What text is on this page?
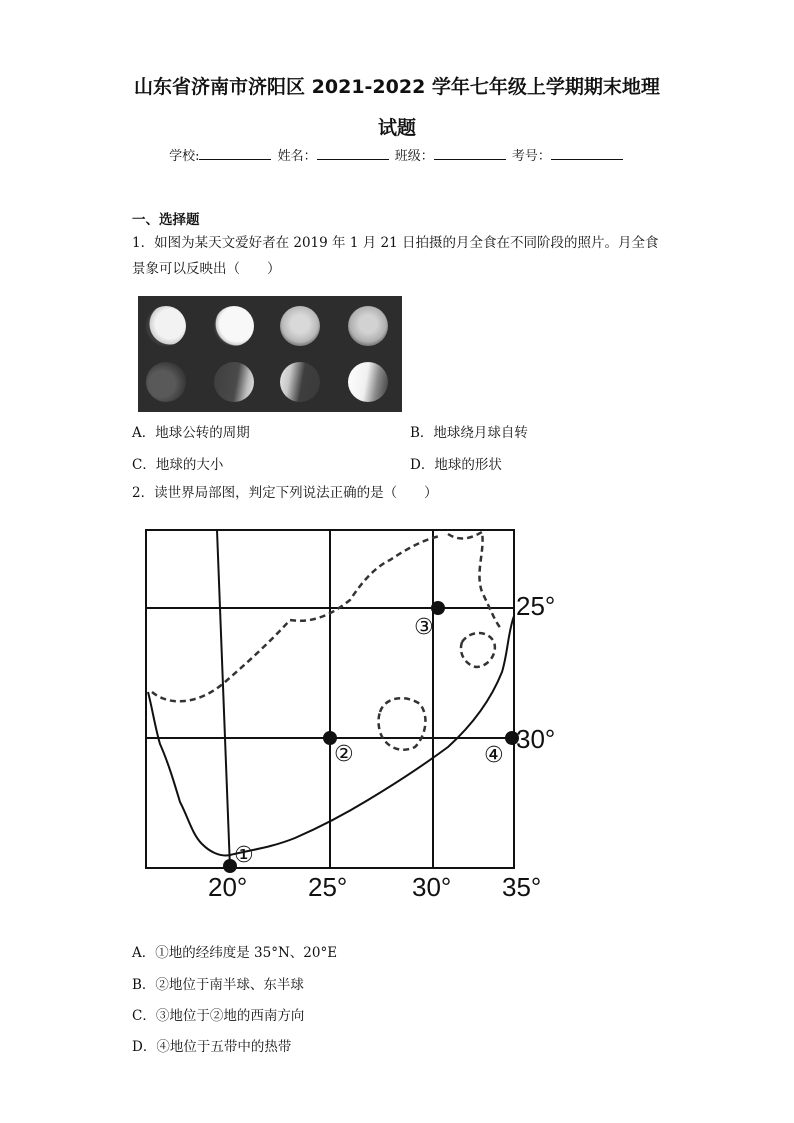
山东省济南市济阳区 2021-2022 学年七年级上学期期末地理
试题
学校:	姓名：	班级：	考号：
一、选择题
1．如图为某天文爱好者在 2019 年 1 月 21 日拍摄的月全食在不同阶段的照片。月全食
景象可以反映出（　　）
A．地球公转的周期	B．地球绕月球自转
C．地球的大小	D．地球的形状
2．读世界局部图，判定下列说法正确的是（　　）
①
②
③
④
25°
30°
20° 25° 30° 35°
A．①地的经纬度是 35°N、20°E
B．②地位于南半球、东半球
C．③地位于②地的西南方向
D．④地位于五带中的热带
